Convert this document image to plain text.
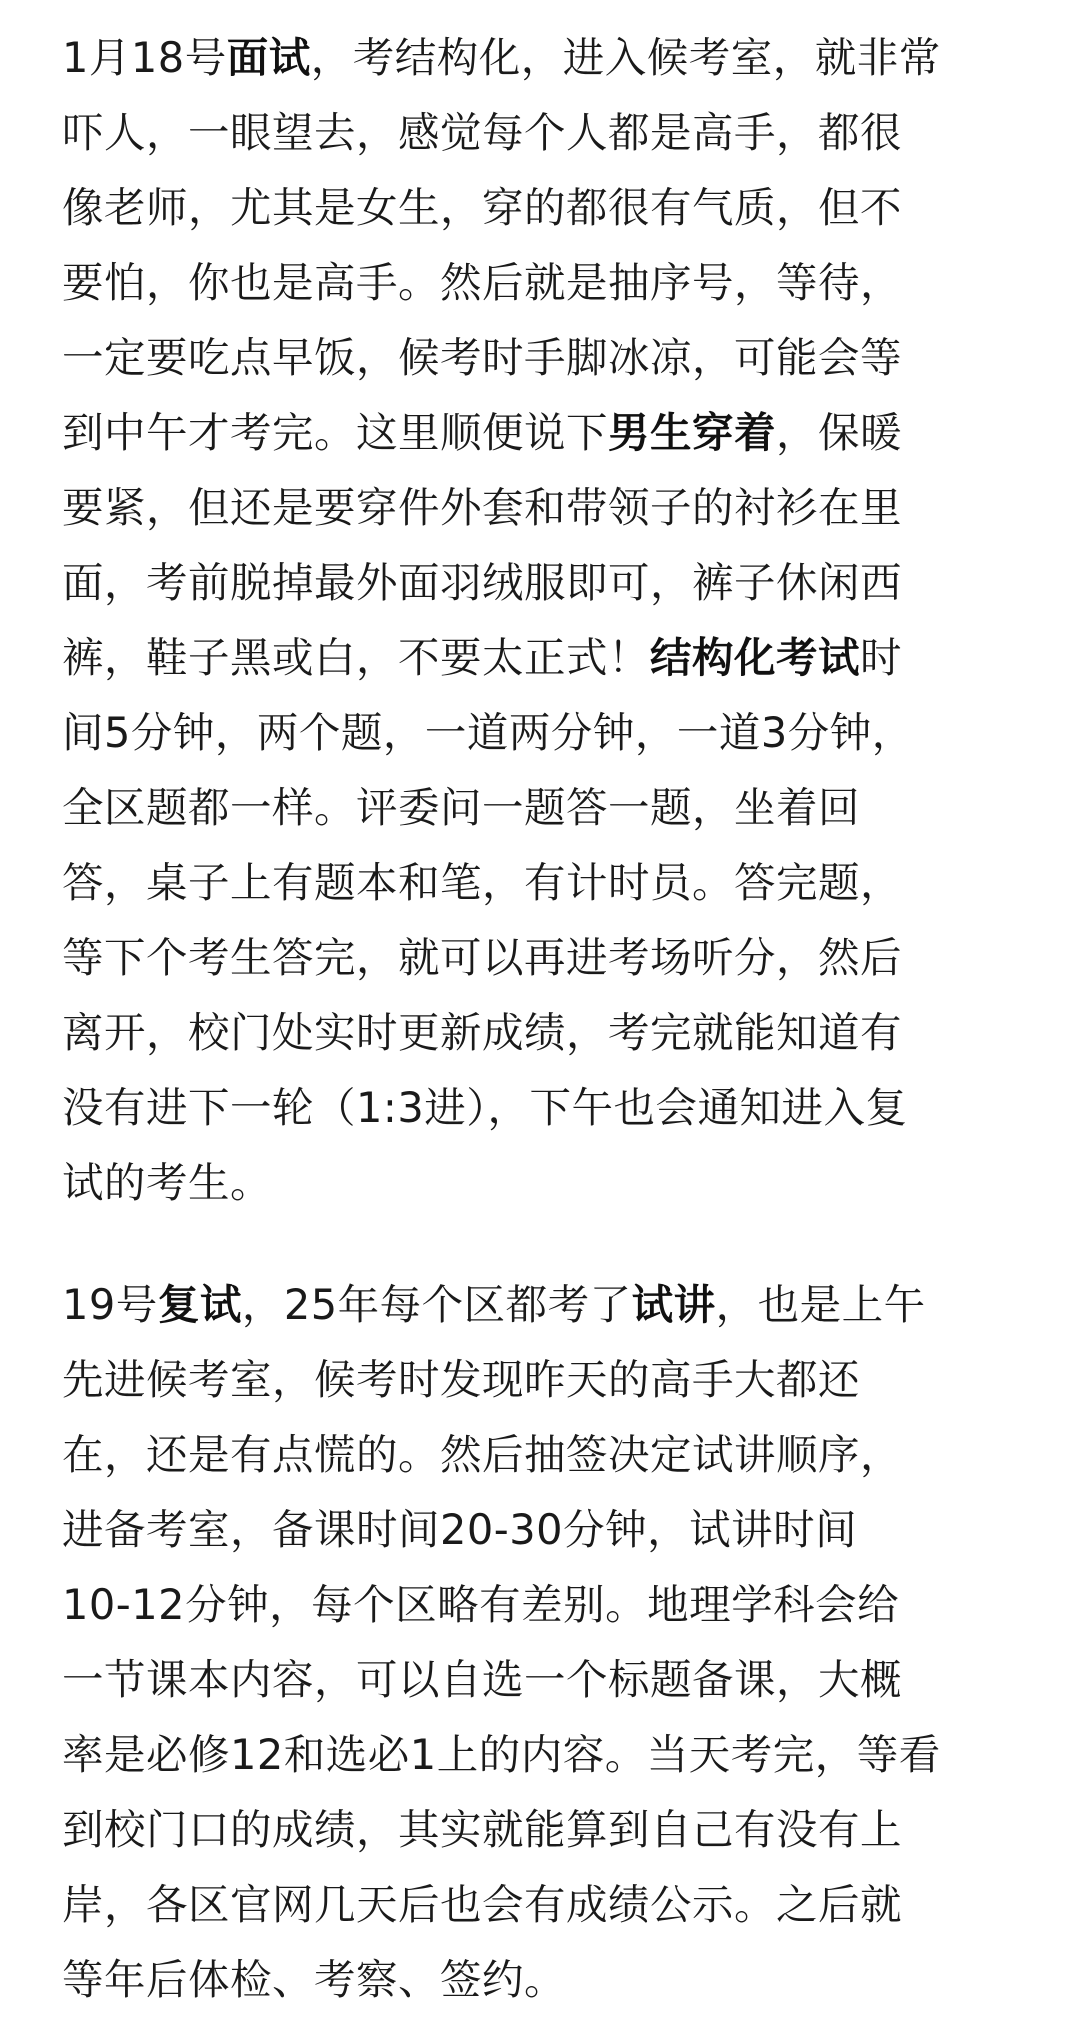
1月18号面试，考结构化，进入候考室，就非常
吓人，一眼望去，感觉每个人都是高手，都很
像老师，尤其是女生，穿的都很有气质，但不
要怕，你也是高手。然后就是抽序号，等待，
一定要吃点早饭，候考时手脚冰凉，可能会等
到中午才考完。这里顺便说下男生穿着，保暖
要紧，但还是要穿件外套和带领子的衬衫在里
面，考前脱掉最外面羽绒服即可，裤子休闲西
裤，鞋子黑或白，不要太正式！结构化考试时
间5分钟，两个题，一道两分钟，一道3分钟，
全区题都一样。评委问一题答一题，坐着回
答，桌子上有题本和笔，有计时员。答完题，
等下个考生答完，就可以再进考场听分，然后
离开，校门处实时更新成绩，考完就能知道有
没有进下一轮（1:3进），下午也会通知进入复
试的考生。
19号复试，25年每个区都考了试讲，也是上午
先进候考室，候考时发现昨天的高手大都还
在，还是有点慌的。然后抽签决定试讲顺序，
进备考室，备课时间20-30分钟，试讲时间
10-12分钟，每个区略有差别。地理学科会给
一节课本内容，可以自选一个标题备课，大概
率是必修12和选必1上的内容。当天考完，等看
到校门口的成绩，其实就能算到自己有没有上
岸，各区官网几天后也会有成绩公示。之后就
等年后体检、考察、签约。
